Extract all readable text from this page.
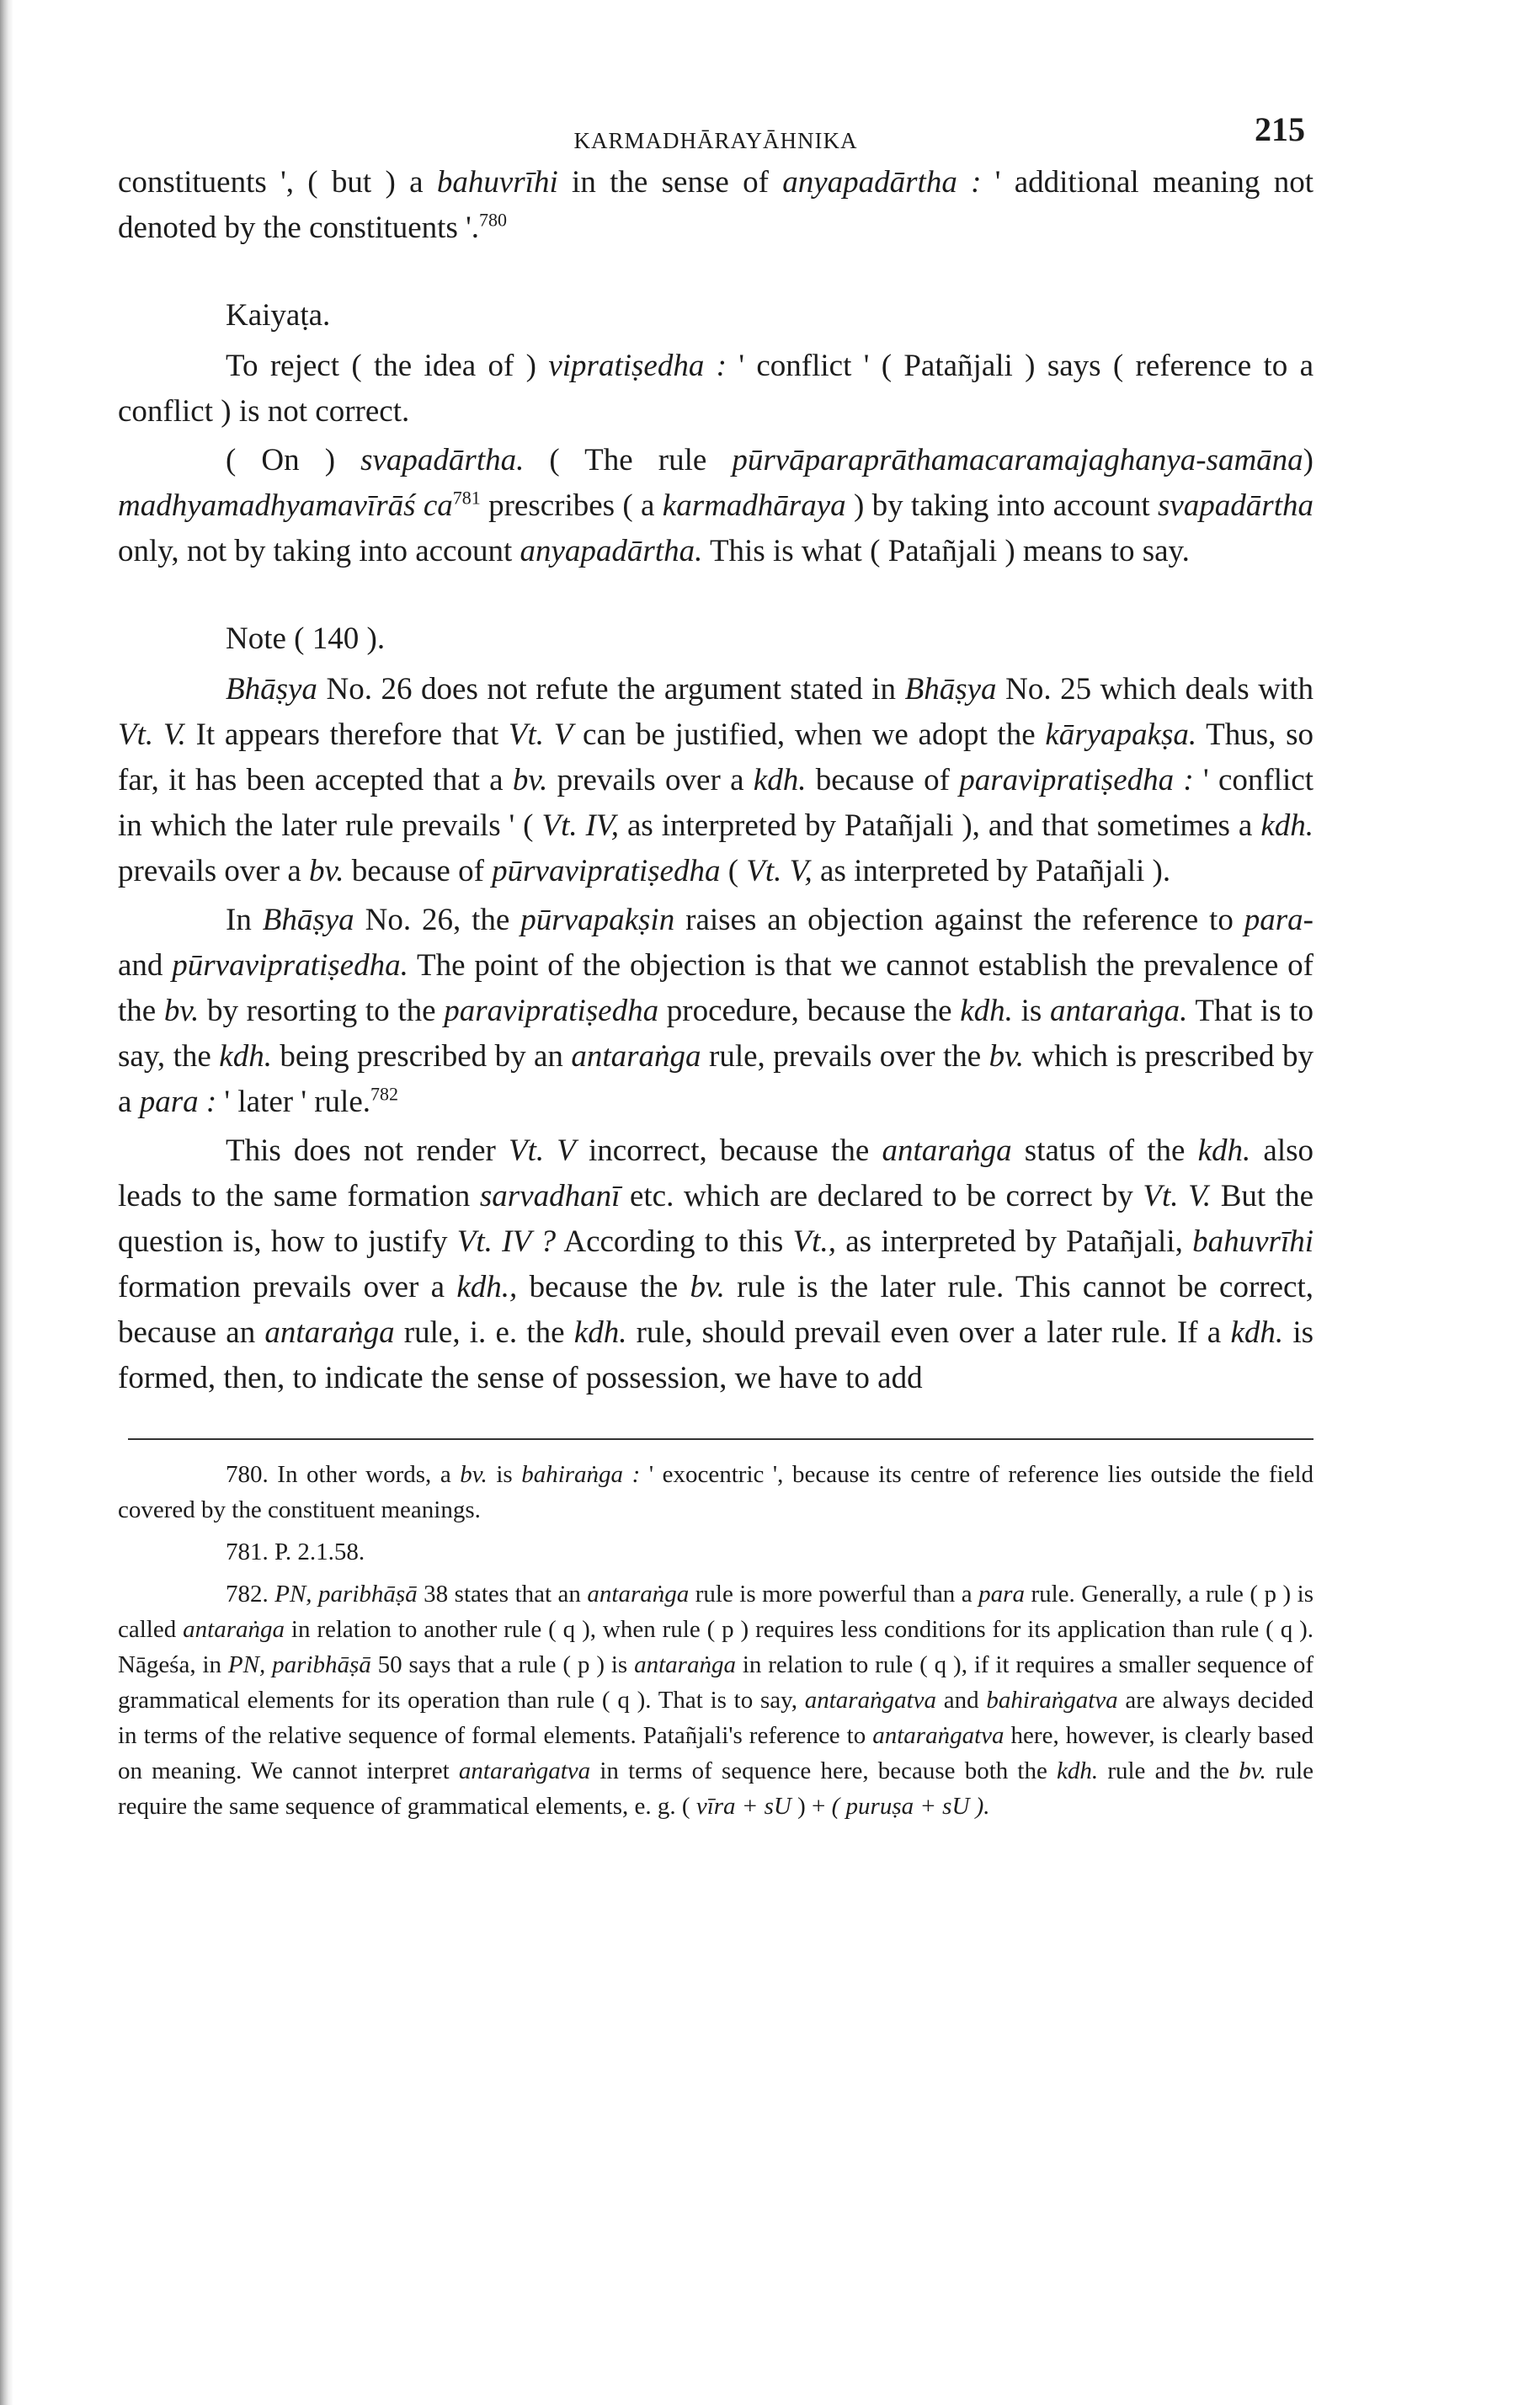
KARMADHĀRAYĀHNIKA	215

constituents ', ( but ) a bahuvrīhi in the sense of anyapadārtha : ' additional meaning not denoted by the constituents '.$^{780}$

Kaiyaṭa.

To reject ( the idea of ) vipratiṣedha : ' conflict ' ( Patañjali ) says ( reference to a conflict ) is not correct.

( On ) svapadārtha. ( The rule pūrvāparaprāthamacaramajaghanya-samāna) madhyamadhyamavīrāś $ca^{781}$ prescribes ( a karmadhāraya ) by taking into account svapadārtha only, not by taking into account anyapadārtha. This is what ( Patañjali ) means to say.

Note ( 140 ).

Bhāṣya No. 26 does not refute the argument stated in Bhāṣya No. 25 which deals with Vt. V. It appears therefore that Vt. V can be justified, when we adopt the kāryapakṣa. Thus, so far, it has been accepted that a bv. prevails over a kdh. because of paravipratiṣedha : ' conflict in which the later rule prevails ' ( Vt. IV, as interpreted by Patañjali ), and that sometimes a kdh. prevails over a bv. because of pūrvavipratiṣedha ( Vt. V, as interpreted by Patañjali ).

In Bhāṣya No. 26, the pūrvapakṣin raises an objection against the reference to para- and pūrvavipratiṣedha. The point of the objection is that we cannot establish the prevalence of the bv. by resorting to the paravipratiṣedha procedure, because the kdh. is antaraṅga. That is to say, the kdh. being prescribed by an antaraṅga rule, prevails over the bv. which is prescribed by a para : ' later ' rule.$^{782}$

This does not render Vt. V incorrect, because the antaraṅga status of the kdh. also leads to the same formation sarvadhanī etc. which are declared to be correct by Vt. V. But the question is, how to justify Vt. IV ? According to this Vt., as interpreted by Patañjali, bahuvrīhi formation prevails over a kdh., because the bv. rule is the later rule. This cannot be correct, because an antaraṅga rule, i. e. the kdh. rule, should prevail even over a later rule. If a kdh. is formed, then, to indicate the sense of possession, we have to add

780. In other words, a bv. is bahiraṅga : ' exocentric ', because its centre of reference lies outside the field covered by the constituent meanings.

781. P. 2.1.58.

782. PN, paribhāṣā 38 states that an antaraṅga rule is more powerful than a para rule. Generally, a rule ( p ) is called antaraṅga in relation to another rule ( q ), when rule ( p ) requires less conditions for its application than rule ( q ). Nāgeśa, in PN, paribhāṣā 50 says that a rule ( p ) is antaraṅga in relation to rule ( q ), if it requires a smaller sequence of grammatical elements for its operation than rule ( q ). That is to say, antaraṅgatva and bahiraṅgatva are always decided in terms of the relative sequence of formal elements. Patañjali's reference to antaraṅgatva here, however, is clearly based on meaning. We cannot interpret antaraṅgatva in terms of sequence here, because both the kdh. rule and the bv. rule require the same sequence of grammatical elements, e. g. ( vīra + sU ) + ( puruṣa + sU ).
